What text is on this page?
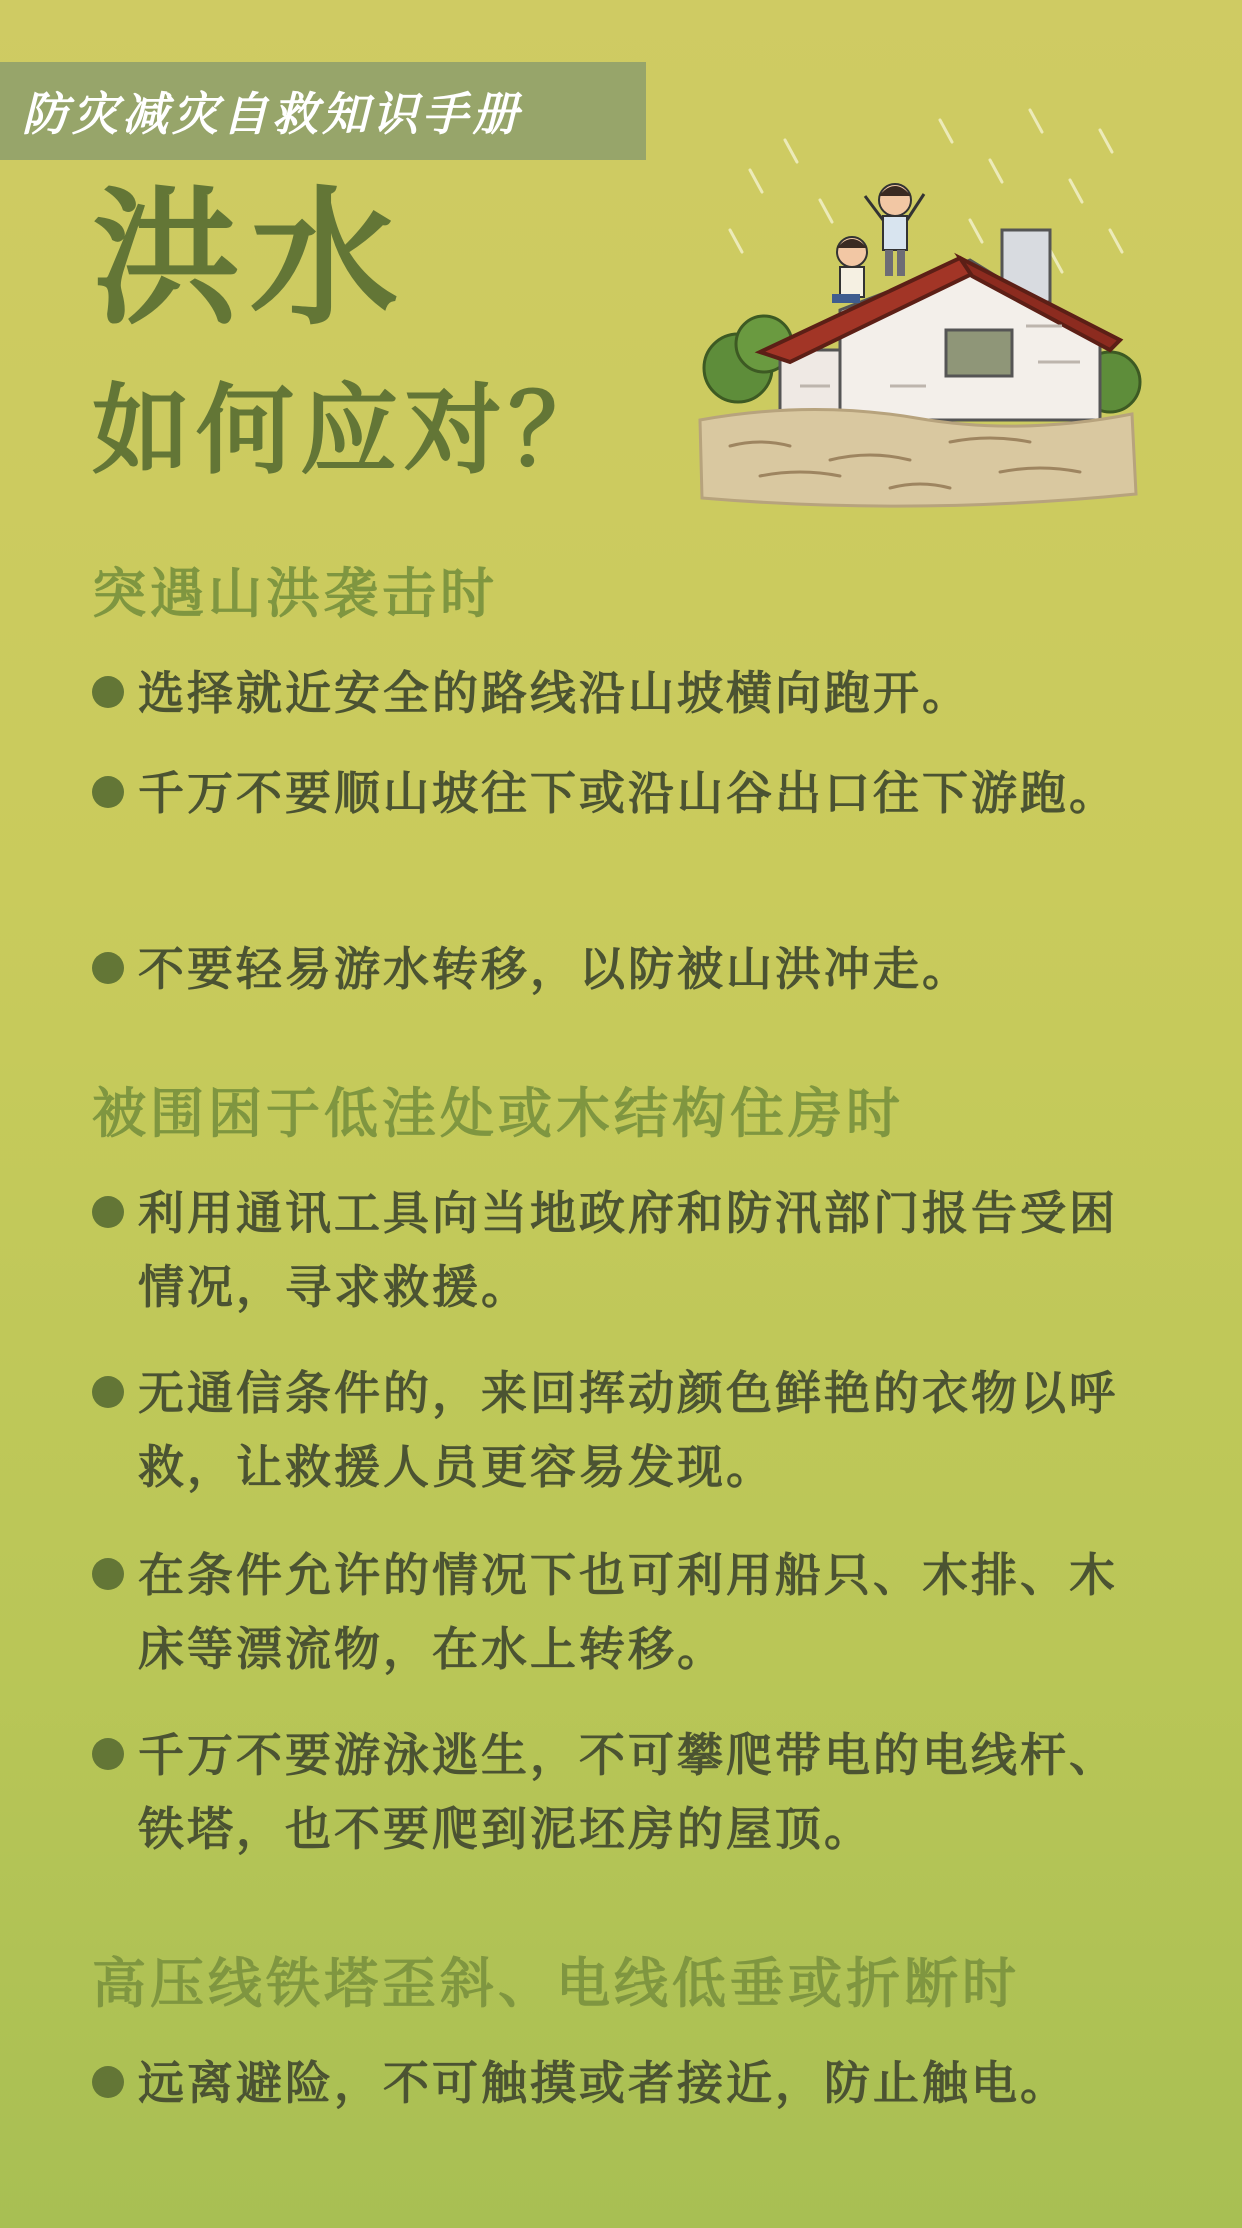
防灾减灾自救知识手册
洪水
如何应对？
突遇山洪袭击时
选择就近安全的路线沿山坡横向跑开。
千万不要顺山坡往下或沿山谷出口往下游跑。
不要轻易游水转移，以防被山洪冲走。
被围困于低洼处或木结构住房时
利用通讯工具向当地政府和防汛部门报告受困情况，寻求救援。
无通信条件的，来回挥动颜色鲜艳的衣物以呼救，让救援人员更容易发现。
在条件允许的情况下也可利用船只、木排、木床等漂流物，在水上转移。
千万不要游泳逃生，不可攀爬带电的电线杆、铁塔，也不要爬到泥坯房的屋顶。
高压线铁塔歪斜、电线低垂或折断时
远离避险，不可触摸或者接近，防止触电。
